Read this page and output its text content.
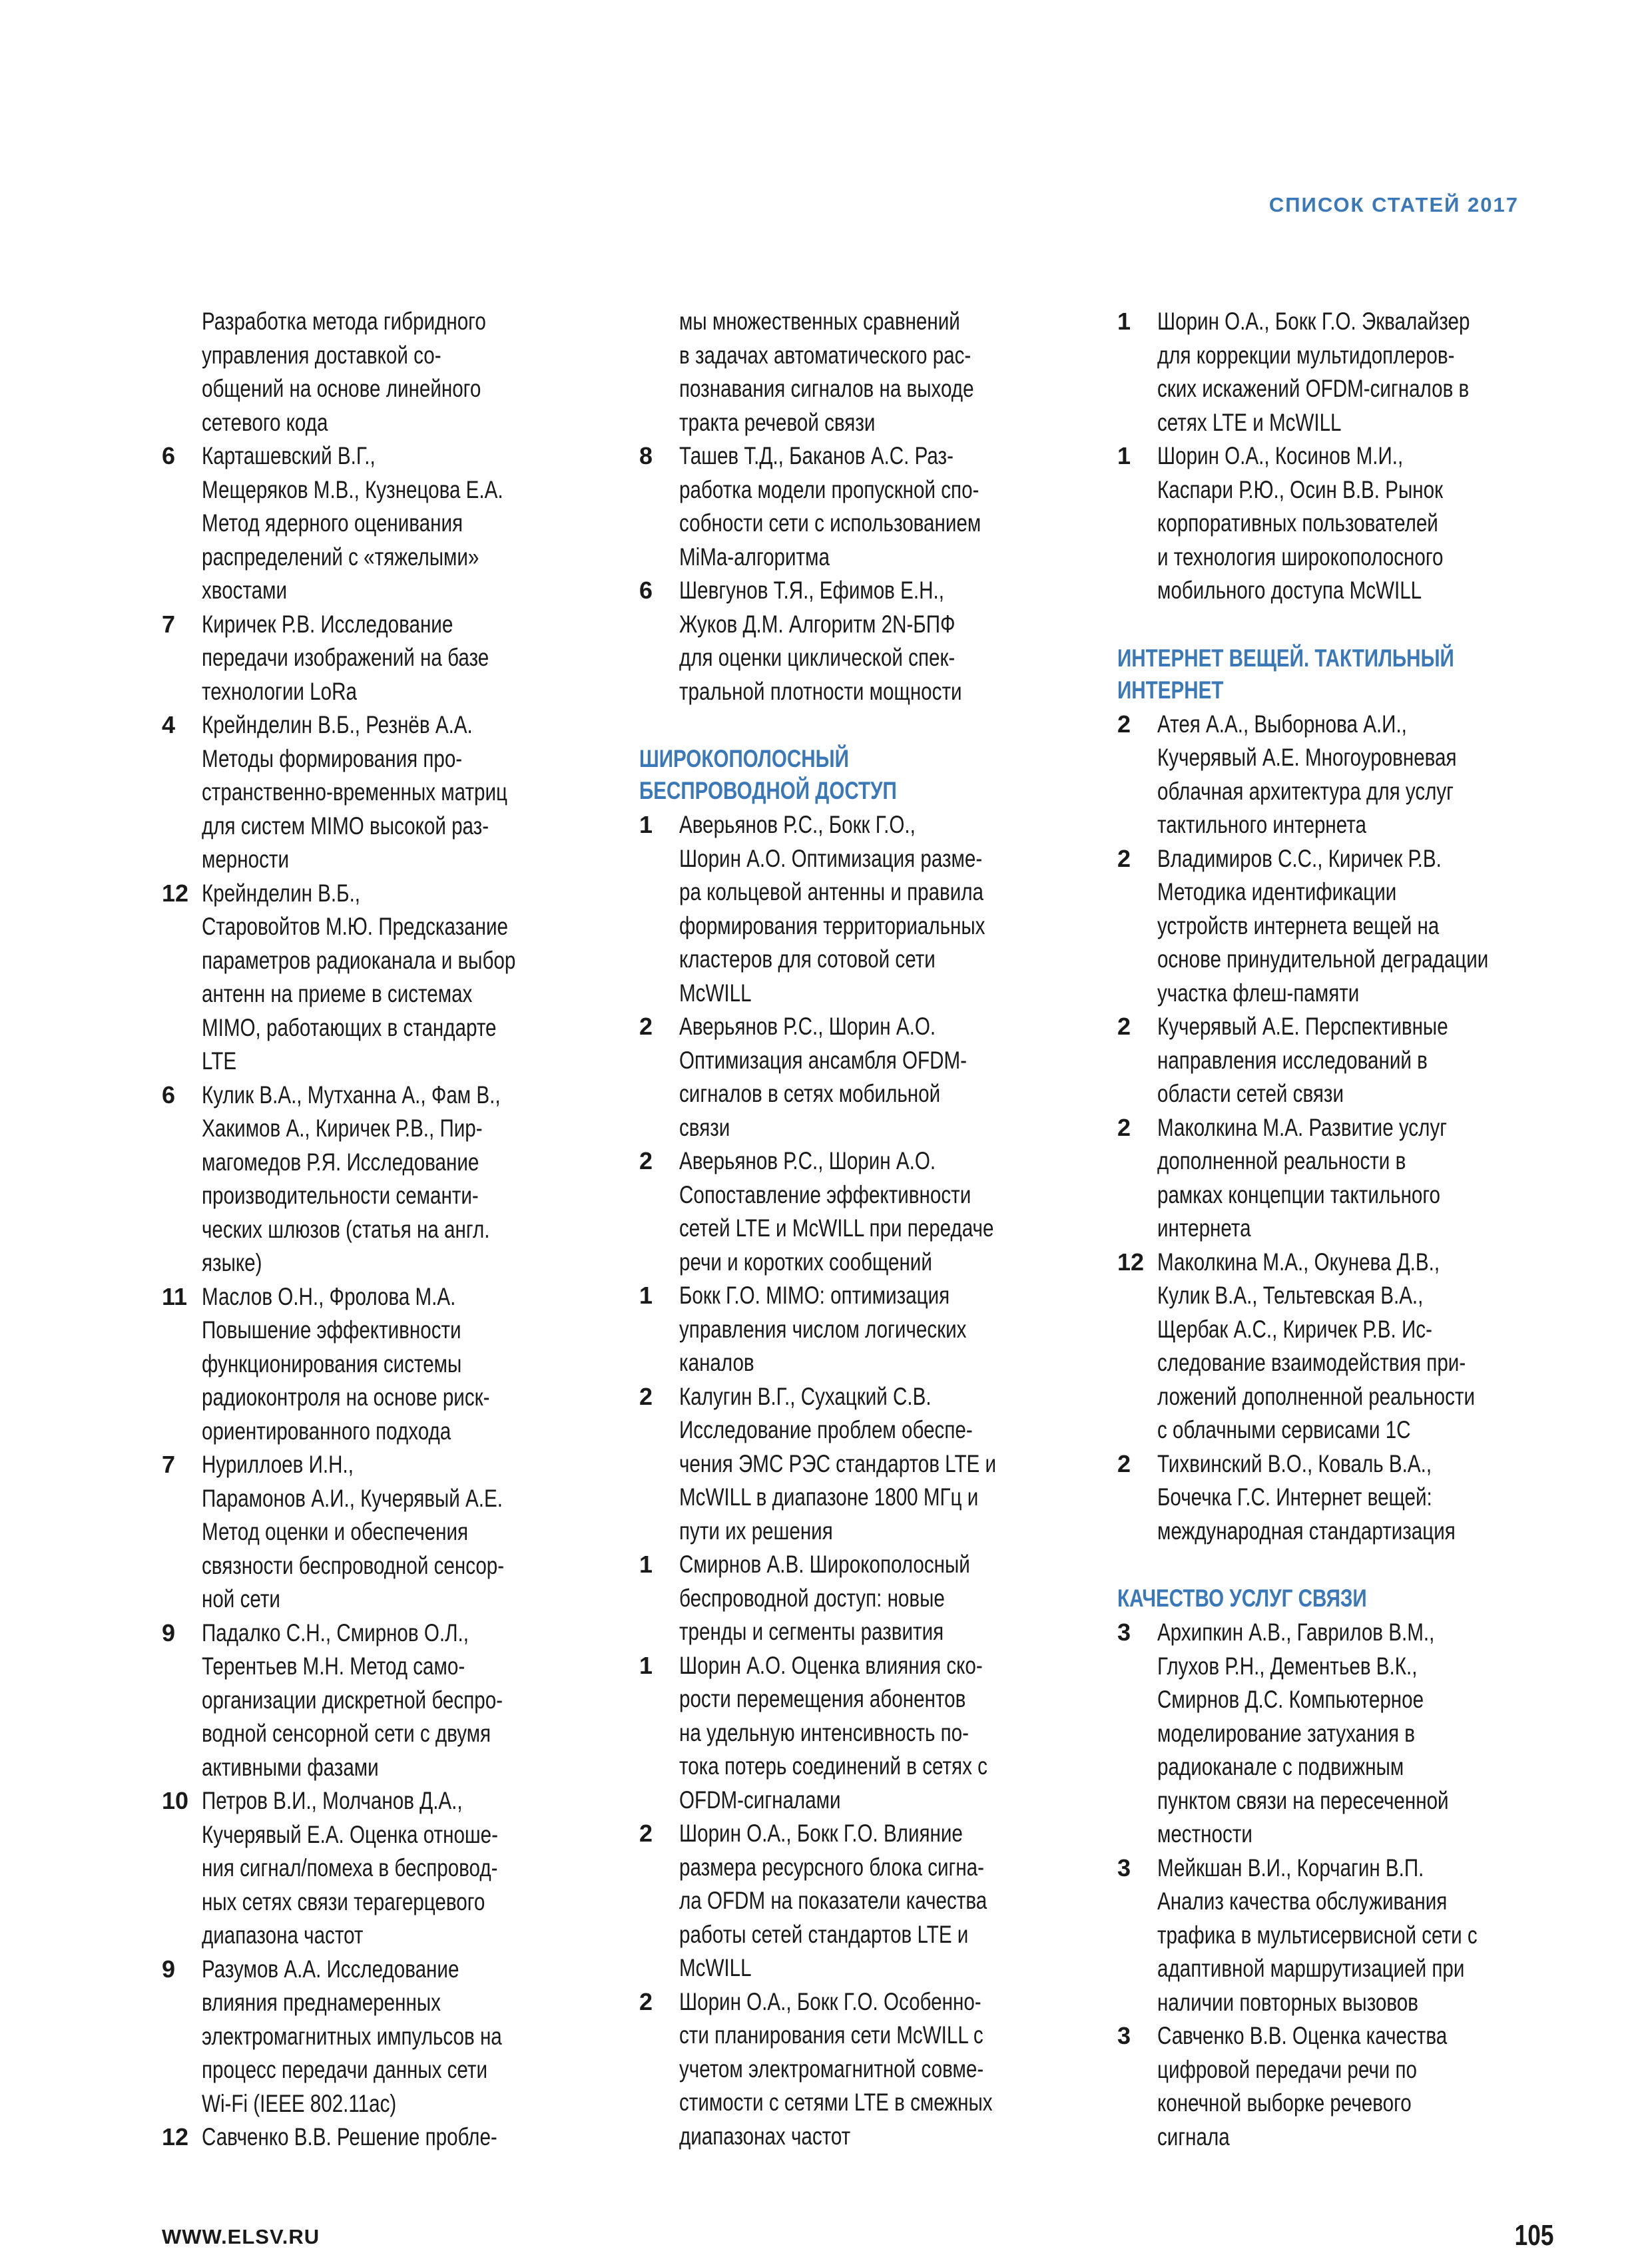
СПИСОК СТАТЕЙ 2017
Разработка метода гибридного
управления доставкой со-
общений на основе линейного
сетевого кода
6 Карташевский В.Г.,
Мещеряков М.В., Кузнецова Е.А.
Метод ядерного оценивания
распределений с «тяжелыми»
хвостами
7 Киричек Р.В. Исследование
передачи изображений на базе
технологии LoRa
4 Крейнделин В.Б., Резнёв А.А.
Методы формирования про-
странственно-временных матриц
для систем MIMO высокой раз-
мерности
12 Крейнделин В.Б.,
Старовойтов М.Ю. Предсказание
параметров радиоканала и выбор
антенн на приеме в системах
MIMO, работающих в стандарте
LTE
6 Кулик В.А., Мутханна А., Фам В.,
Хакимов А., Киричек Р.В., Пир-
магомедов Р.Я. Исследование
производительности семанти-
ческих шлюзов (статья на англ.
языке)
11 Маслов О.Н., Фролова М.А.
Повышение эффективности
функционирования системы
радиоконтроля на основе риск-
ориентированного подхода
7 Нуриллоев И.Н.,
Парамонов А.И., Кучерявый А.Е.
Метод оценки и обеспечения
связности беспроводной сенсор-
ной сети
9 Падалко С.Н., Смирнов О.Л.,
Терентьев М.Н. Метод само-
организации дискретной беспро-
водной сенсорной сети с двумя
активными фазами
10 Петров В.И., Молчанов Д.А.,
Кучерявый Е.А. Оценка отноше-
ния сигнал/помеха в беспровод-
ных сетях связи терагерцевого
диапазона частот
9 Разумов А.А. Исследование
влияния преднамеренных
электромагнитных импульсов на
процесс передачи данных сети
Wi-Fi (IEEE 802.11ac)
12 Савченко В.В. Решение пробле-
мы множественных сравнений
в задачах автоматического рас-
познавания сигналов на выходе
тракта речевой связи
8 Ташев Т.Д., Баканов А.С. Раз-
работка модели пропускной спо-
собности сети с использованием
MiMa-алгоритма
6 Шевгунов Т.Я., Ефимов Е.Н.,
Жуков Д.М. Алгоритм 2N-БПФ
для оценки циклической спек-
тральной плотности мощности
ШИРОКОПОЛОСНЫЙ
БЕСПРОВОДНОЙ ДОСТУП
1 Аверьянов Р.С., Бокк Г.О.,
Шорин А.О. Оптимизация разме-
ра кольцевой антенны и правила
формирования территориальных
кластеров для сотовой сети
McWILL
2 Аверьянов Р.С., Шорин А.О.
Оптимизация ансамбля OFDM-
сигналов в сетях мобильной
связи
2 Аверьянов Р.С., Шорин А.О.
Сопоставление эффективности
сетей LTE и McWILL при передаче
речи и коротких сообщений
1 Бокк Г.О. MIMO: оптимизация
управления числом логических
каналов
2 Калугин В.Г., Сухацкий С.В.
Исследование проблем обеспе-
чения ЭМС РЭС стандартов LTE и
McWILL в диапазоне 1800 МГц и
пути их решения
1 Смирнов А.В. Широкополосный
беспроводной доступ: новые
тренды и сегменты развития
1 Шорин А.О. Оценка влияния ско-
рости перемещения абонентов
на удельную интенсивность по-
тока потерь соединений в сетях с
OFDM-сигналами
2 Шорин О.А., Бокк Г.О. Влияние
размера ресурсного блока сигна-
ла OFDM на показатели качества
работы сетей стандартов LTE и
McWILL
2 Шорин О.А., Бокк Г.О. Особенно-
сти планирования сети McWILL с
учетом электромагнитной совме-
стимости с сетями LTE в смежных
диапазонах частот
1 Шорин О.А., Бокк Г.О. Эквалайзер
для коррекции мультидоплеров-
ских искажений OFDM-сигналов в
сетях LTE и McWILL
1 Шорин О.А., Косинов М.И.,
Каспари Р.Ю., Осин В.В. Рынок
корпоративных пользователей
и технология широкополосного
мобильного доступа McWILL
ИНТЕРНЕТ ВЕЩЕЙ. ТАКТИЛЬНЫЙ
ИНТЕРНЕТ
2 Атея А.А., Выборнова А.И.,
Кучерявый А.Е. Многоуровневая
облачная архитектура для услуг
тактильного интернета
2 Владимиров С.С., Киричек Р.В.
Методика идентификации
устройств интернета вещей на
основе принудительной деградации
участка флеш-памяти
2 Кучерявый А.Е. Перспективные
направления исследований в
области сетей связи
2 Маколкина М.А. Развитие услуг
дополненной реальности в
рамках концепции тактильного
интернета
12 Маколкина М.А., Окунева Д.В.,
Кулик В.А., Тельтевская В.А.,
Щербак А.С., Киричек Р.В. Ис-
следование взаимодействия при-
ложений дополненной реальности
с облачными сервисами 1С
2 Тихвинский В.О., Коваль В.А.,
Бочечка Г.С. Интернет вещей:
международная стандартизация
КАЧЕСТВО УСЛУГ СВЯЗИ
3 Архипкин А.В., Гаврилов В.М.,
Глухов Р.Н., Дементьев В.К.,
Смирнов Д.С. Компьютерное
моделирование затухания в
радиоканале с подвижным
пунктом связи на пересеченной
местности
3 Мейкшан В.И., Корчагин В.П.
Анализ качества обслуживания
трафика в мультисервисной сети с
адаптивной маршрутизацией при
наличии повторных вызовов
3 Савченко В.В. Оценка качества
цифровой передачи речи по
конечной выборке речевого
сигнала
WWW.ELSV.RU	105
